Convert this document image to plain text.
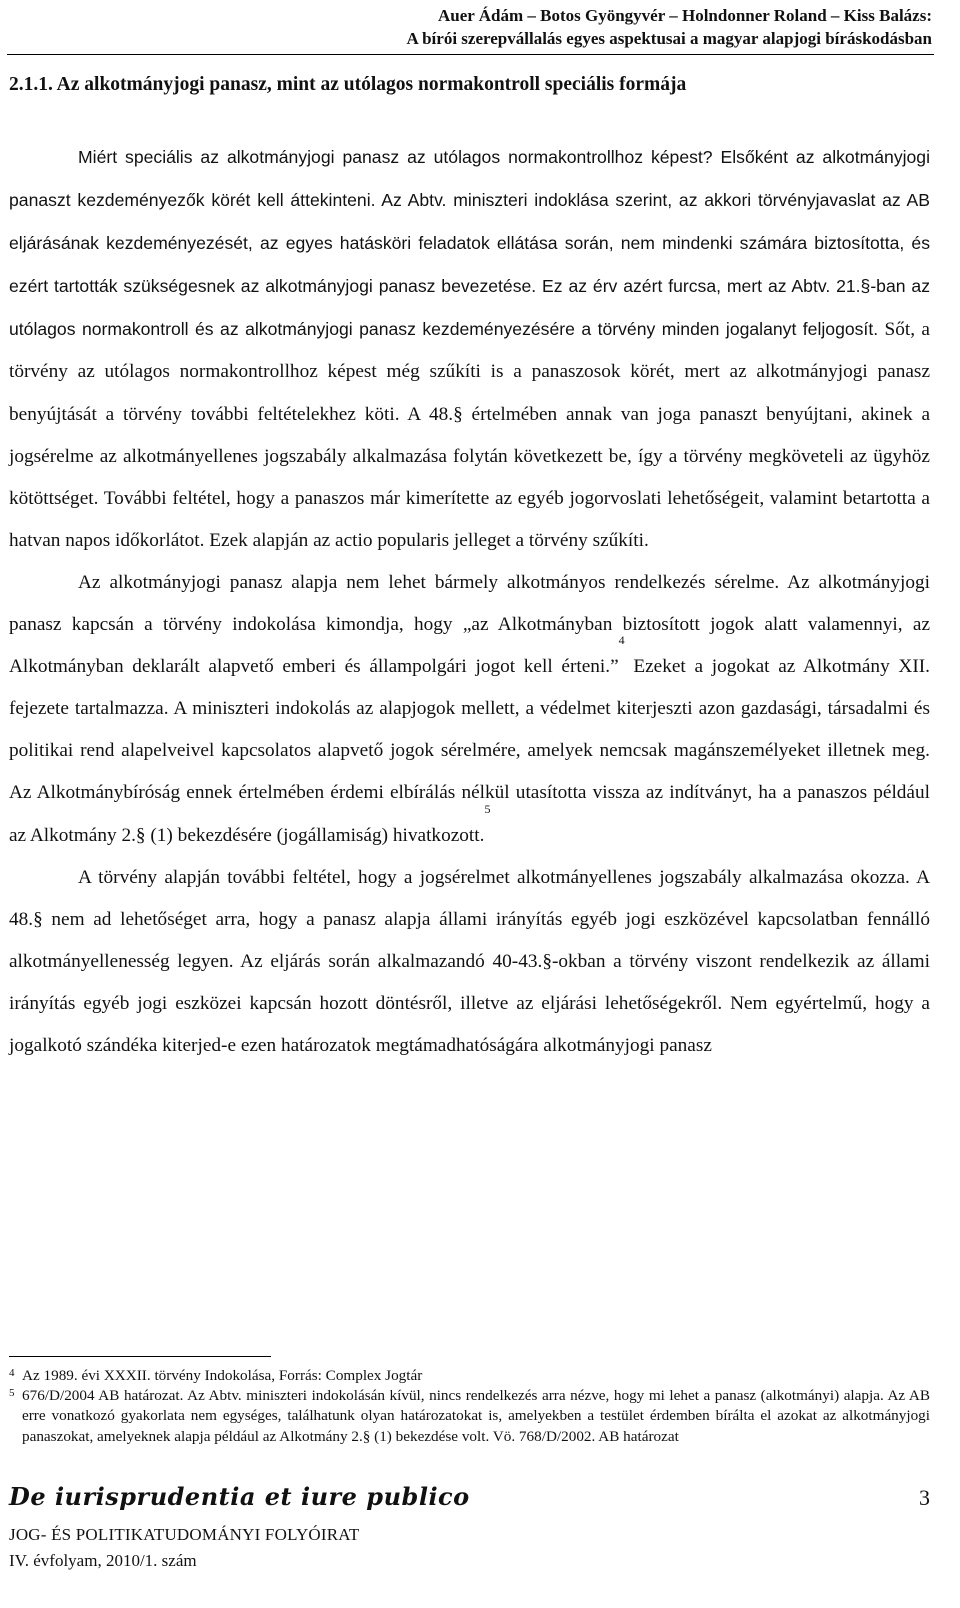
Auer Ádám – Botos Gyöngyvér – Holndonner Roland – Kiss Balázs:
A bírói szerepvállalás egyes aspektusai a magyar alapjogi bíráskodásban
2.1.1. Az alkotmányjogi panasz, mint az utólagos normakontroll speciális formája

Miért speciális az alkotmányjogi panasz az utólagos normakontrollhoz képest? Elsőként az alkotmányjogi panaszt kezdeményezők körét kell áttekinteni. Az Abtv. miniszteri indoklása szerint, az akkori törvényjavaslat az AB eljárásának kezdeményezését, az egyes hatásköri feladatok ellátása során, nem mindenki számára biztosította, és ezért tartották szükségesnek az alkotmányjogi panasz bevezetése. Ez az érv azért furcsa, mert az Abtv. 21.§-ban az utólagos normakontroll és az alkotmányjogi panasz kezdeményezésére a törvény minden jogalanyt feljogosít. Sőt, a törvény az utólagos normakontrollhoz képest még szűkíti is a panaszosok körét, mert az alkotmányjogi panasz benyújtását a törvény további feltételekhez köti. A 48.§ értelmében annak van joga panaszt benyújtani, akinek a jogsérelme az alkotmányellenes jogszabály alkalmazása folytán következett be, így a törvény megköveteli az ügyhöz kötöttséget. További feltétel, hogy a panaszos már kimerítette az egyéb jogorvoslati lehetőségeit, valamint betartotta a hatvan napos időkorlátot. Ezek alapján az actio popularis jelleget a törvény szűkíti.

Az alkotmányjogi panasz alapja nem lehet bármely alkotmányos rendelkezés sérelme. Az alkotmányjogi panasz kapcsán a törvény indokolása kimondja, hogy „az Alkotmányban biztosított jogok alatt valamennyi, az Alkotmányban deklarált alapvető emberi és állampolgári jogot kell érteni.”$^4$ Ezeket a jogokat az Alkotmány XII. fejezete tartalmazza. A miniszteri indokolás az alapjogok mellett, a védelmet kiterjeszti azon gazdasági, társadalmi és politikai rend alapelveivel kapcsolatos alapvető jogok sérelmére, amelyek nemcsak magánszemélyeket illetnek meg. Az Alkotmánybíróság ennek értelmében érdemi elbírálás nélkül utasította vissza az indítványt, ha a panaszos például az Alkotmány 2.§ (1) bekezdésére (jogállamiság) hivatkozott.$^5$

A törvény alapján további feltétel, hogy a jogsérelmet alkotmányellenes jogszabály alkalmazása okozza. A 48.§ nem ad lehetőséget arra, hogy a panasz alapja állami irányítás egyéb jogi eszközével kapcsolatban fennálló alkotmányellenesség legyen. Az eljárás során alkalmazandó 40-43.§-okban a törvény viszont rendelkezik az állami irányítás egyéb jogi eszközei kapcsán hozott döntésről, illetve az eljárási lehetőségekről. Nem egyértelmű, hogy a jogalkotó szándéka kiterjed-e ezen határozatok megtámadhatóságára alkotmányjogi panasz

4 Az 1989. évi XXXII. törvény Indokolása, Forrás: Complex Jogtár
5 676/D/2004 AB határozat. Az Abtv. miniszteri indokolásán kívül, nincs rendelkezés arra nézve, hogy mi lehet a panasz (alkotmányi) alapja. Az AB erre vonatkozó gyakorlata nem egységes, találhatunk olyan határozatokat is, amelyekben a testület érdemben bírálta el azokat az alkotmányjogi panaszokat, amelyeknek alapja például az Alkotmány 2.§ (1) bekezdése volt. Vö. 768/D/2002. AB határozat
De iurisprudentia et iure publico
JOG- ÉS POLITIKATUDOMÁNYI FOLYÓIRAT
IV. évfolyam, 2010/1. szám
3
